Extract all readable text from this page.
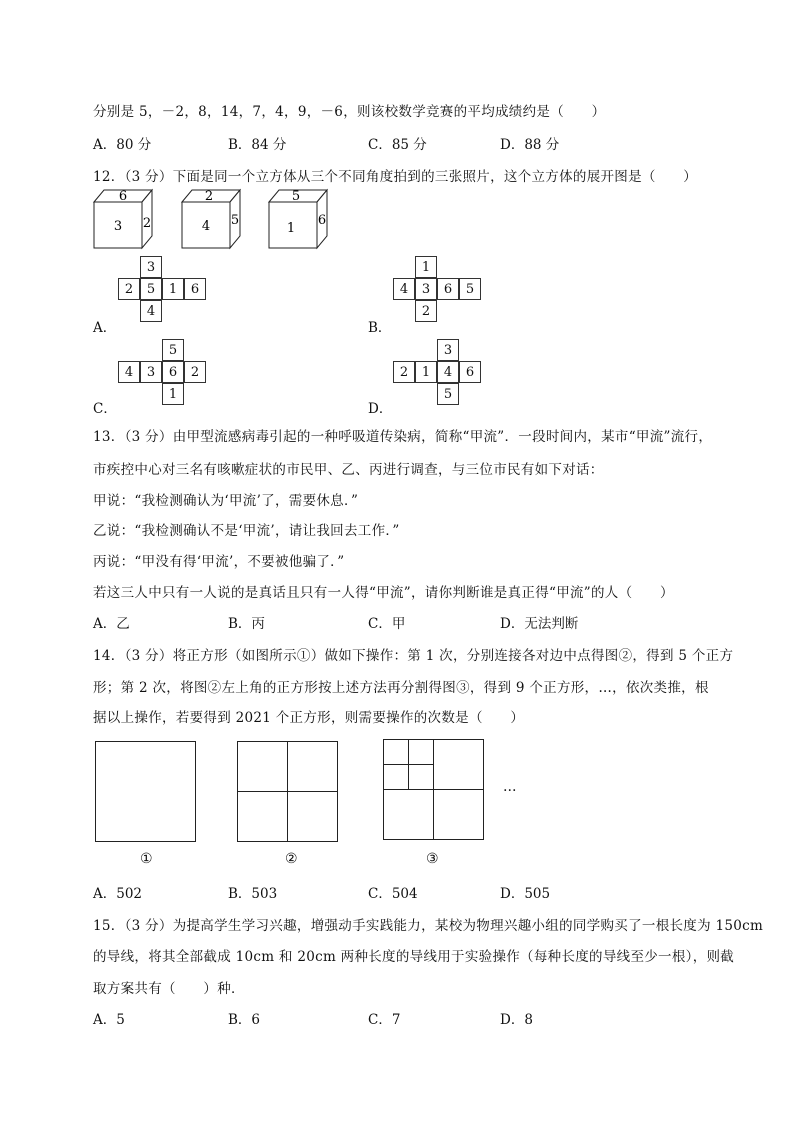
分别是 5，－2，8，14，7，4，9，－6，则该校数学竞赛的平均成绩约是（　　）
A．80 分	B．84 分	C．85 分	D．88 分
12．（3 分）下面是同一个立方体从三个不同角度拍到的三张照片，这个立方体的展开图是（　　）
6
3 2
2
4 5
5
1
6
A．
3
2	5	1	6
4
B．
1
4	3	6	5
2
C．
5
4	3	6	2
1
D．
3
2	1	4	6
5
13．（3 分）由甲型流感病毒引起的一种呼吸道传染病，简称“甲流”．一段时间内，某市“甲流”流行，
市疾控中心对三名有咳嗽症状的市民甲、乙、丙进行调查，与三位市民有如下对话：
甲说：“我检测确认为‘甲流’了，需要休息．”
乙说：“我检测确认不是‘甲流’，请让我回去工作．”
丙说：“甲没有得‘甲流’，不要被他骗了．”
若这三人中只有一人说的是真话且只有一人得“甲流”，请你判断谁是真正得“甲流”的人（　　）
A．乙	B．丙	C．甲	D．无法判断
14．（3 分）将正方形（如图所示①）做如下操作：第 1 次，分别连接各对边中点得图②，得到 5 个正方
形；第 2 次，将图②左上角的正方形按上述方法再分割得图③，得到 9 个正方形，…，依次类推，根
据以上操作，若要得到 2021 个正方形，则需要操作的次数是（　　）
…
①	②	③
A．502	B．503	C．504	D．505
15．（3 分）为提高学生学习兴趣，增强动手实践能力，某校为物理兴趣小组的同学购买了一根长度为 150cm
的导线，将其全部截成 10cm 和 20cm 两种长度的导线用于实验操作（每种长度的导线至少一根），则截
取方案共有（　　）种．
A．5	B．6	C．7	D．8
